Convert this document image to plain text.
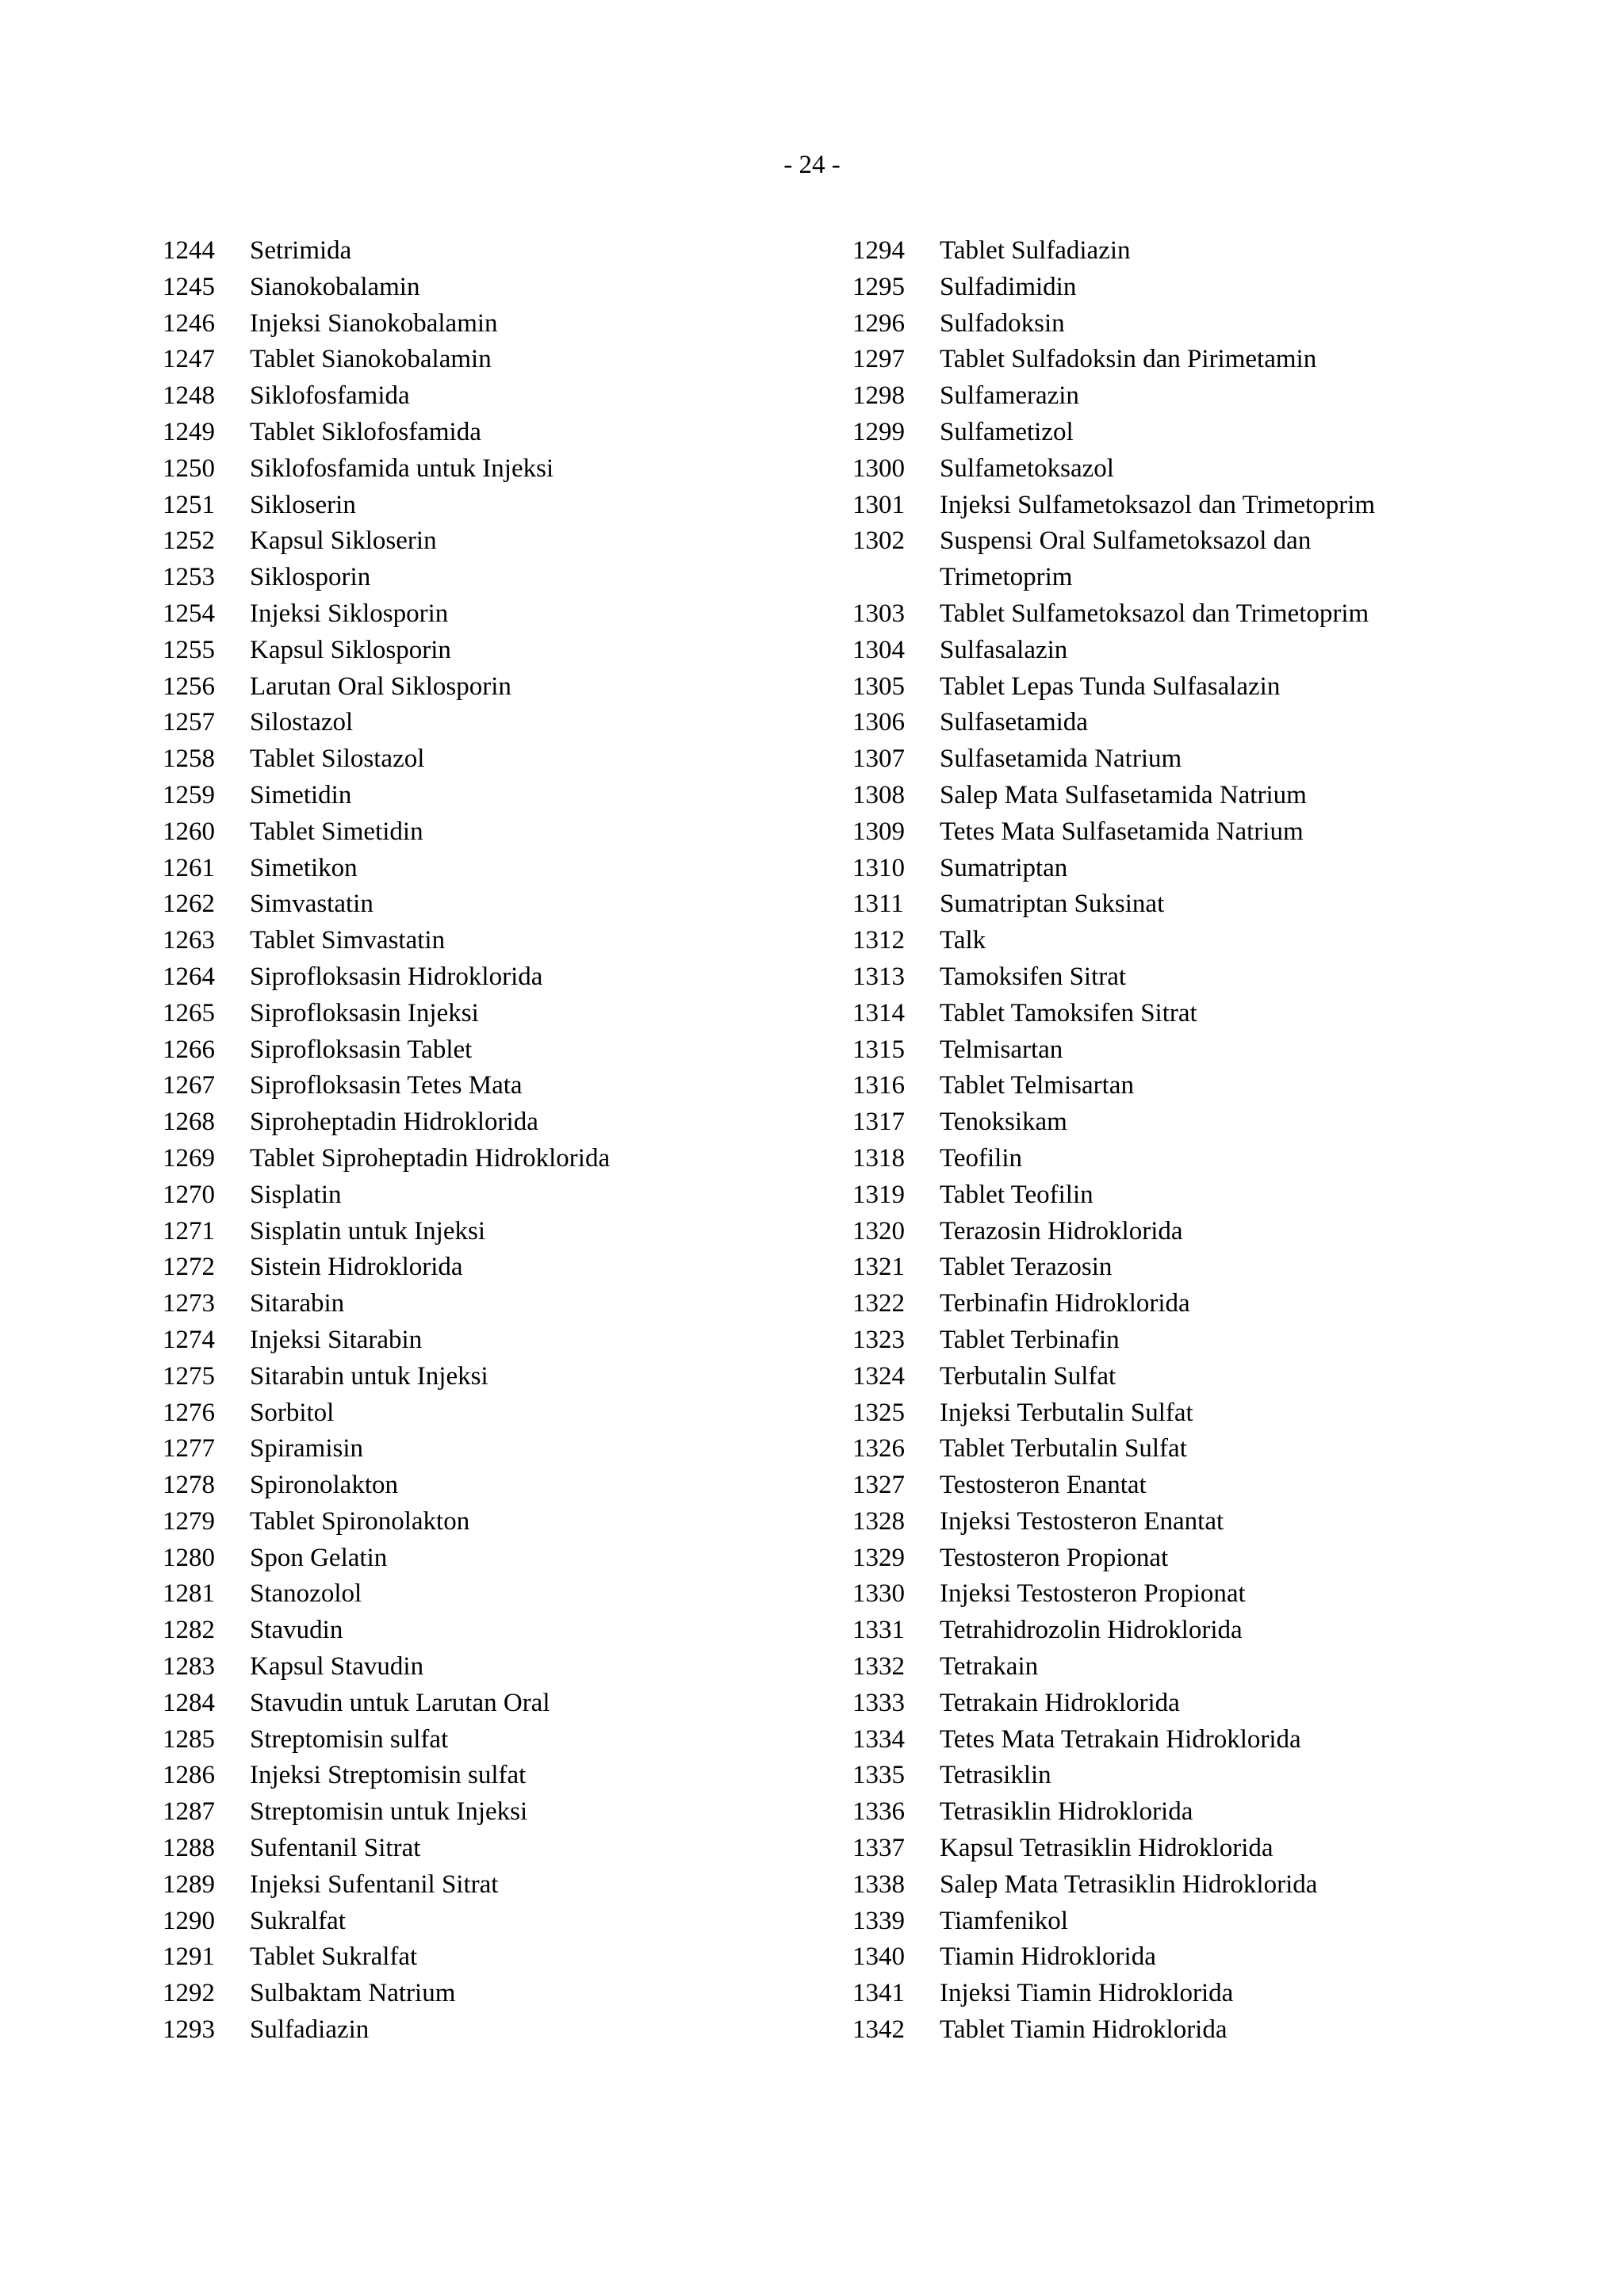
- 24 -
1244	Setrimida
1245	Sianokobalamin
1246	Injeksi Sianokobalamin
1247	Tablet Sianokobalamin
1248	Siklofosfamida
1249	Tablet Siklofosfamida
1250	Siklofosfamida untuk Injeksi
1251	Sikloserin
1252	Kapsul Sikloserin
1253	Siklosporin
1254	Injeksi Siklosporin
1255	Kapsul Siklosporin
1256	Larutan Oral Siklosporin
1257	Silostazol
1258	Tablet Silostazol
1259	Simetidin
1260	Tablet Simetidin
1261	Simetikon
1262	Simvastatin
1263	Tablet Simvastatin
1264	Siprofloksasin Hidroklorida
1265	Siprofloksasin Injeksi
1266	Siprofloksasin Tablet
1267	Siprofloksasin Tetes Mata
1268	Siproheptadin Hidroklorida
1269	Tablet Siproheptadin Hidroklorida
1270	Sisplatin
1271	Sisplatin untuk Injeksi
1272	Sistein Hidroklorida
1273	Sitarabin
1274	Injeksi Sitarabin
1275	Sitarabin untuk Injeksi
1276	Sorbitol
1277	Spiramisin
1278	Spironolakton
1279	Tablet Spironolakton
1280	Spon Gelatin
1281	Stanozolol
1282	Stavudin
1283	Kapsul Stavudin
1284	Stavudin untuk Larutan Oral
1285	Streptomisin sulfat
1286	Injeksi Streptomisin sulfat
1287	Streptomisin untuk Injeksi
1288	Sufentanil Sitrat
1289	Injeksi Sufentanil Sitrat
1290	Sukralfat
1291	Tablet Sukralfat
1292	Sulbaktam Natrium
1293	Sulfadiazin
1294	Tablet Sulfadiazin
1295	Sulfadimidin
1296	Sulfadoksin
1297	Tablet Sulfadoksin dan Pirimetamin
1298	Sulfamerazin
1299	Sulfametizol
1300	Sulfametoksazol
1301	Injeksi Sulfametoksazol dan Trimetoprim
1302	Suspensi Oral Sulfametoksazol dan
Trimetoprim
1303	Tablet Sulfametoksazol dan Trimetoprim
1304	Sulfasalazin
1305	Tablet Lepas Tunda Sulfasalazin
1306	Sulfasetamida
1307	Sulfasetamida Natrium
1308	Salep Mata Sulfasetamida Natrium
1309	Tetes Mata Sulfasetamida Natrium
1310	Sumatriptan
1311	Sumatriptan Suksinat
1312	Talk
1313	Tamoksifen Sitrat
1314	Tablet Tamoksifen Sitrat
1315	Telmisartan
1316	Tablet Telmisartan
1317	Tenoksikam
1318	Teofilin
1319	Tablet Teofilin
1320	Terazosin Hidroklorida
1321	Tablet Terazosin
1322	Terbinafin Hidroklorida
1323	Tablet Terbinafin
1324	Terbutalin Sulfat
1325	Injeksi Terbutalin Sulfat
1326	Tablet Terbutalin Sulfat
1327	Testosteron Enantat
1328	Injeksi Testosteron Enantat
1329	Testosteron Propionat
1330	Injeksi Testosteron Propionat
1331	Tetrahidrozolin Hidroklorida
1332	Tetrakain
1333	Tetrakain Hidroklorida
1334	Tetes Mata Tetrakain Hidroklorida
1335	Tetrasiklin
1336	Tetrasiklin Hidroklorida
1337	Kapsul Tetrasiklin Hidroklorida
1338	Salep Mata Tetrasiklin Hidroklorida
1339	Tiamfenikol
1340	Tiamin Hidroklorida
1341	Injeksi Tiamin Hidroklorida
1342	Tablet Tiamin Hidroklorida
